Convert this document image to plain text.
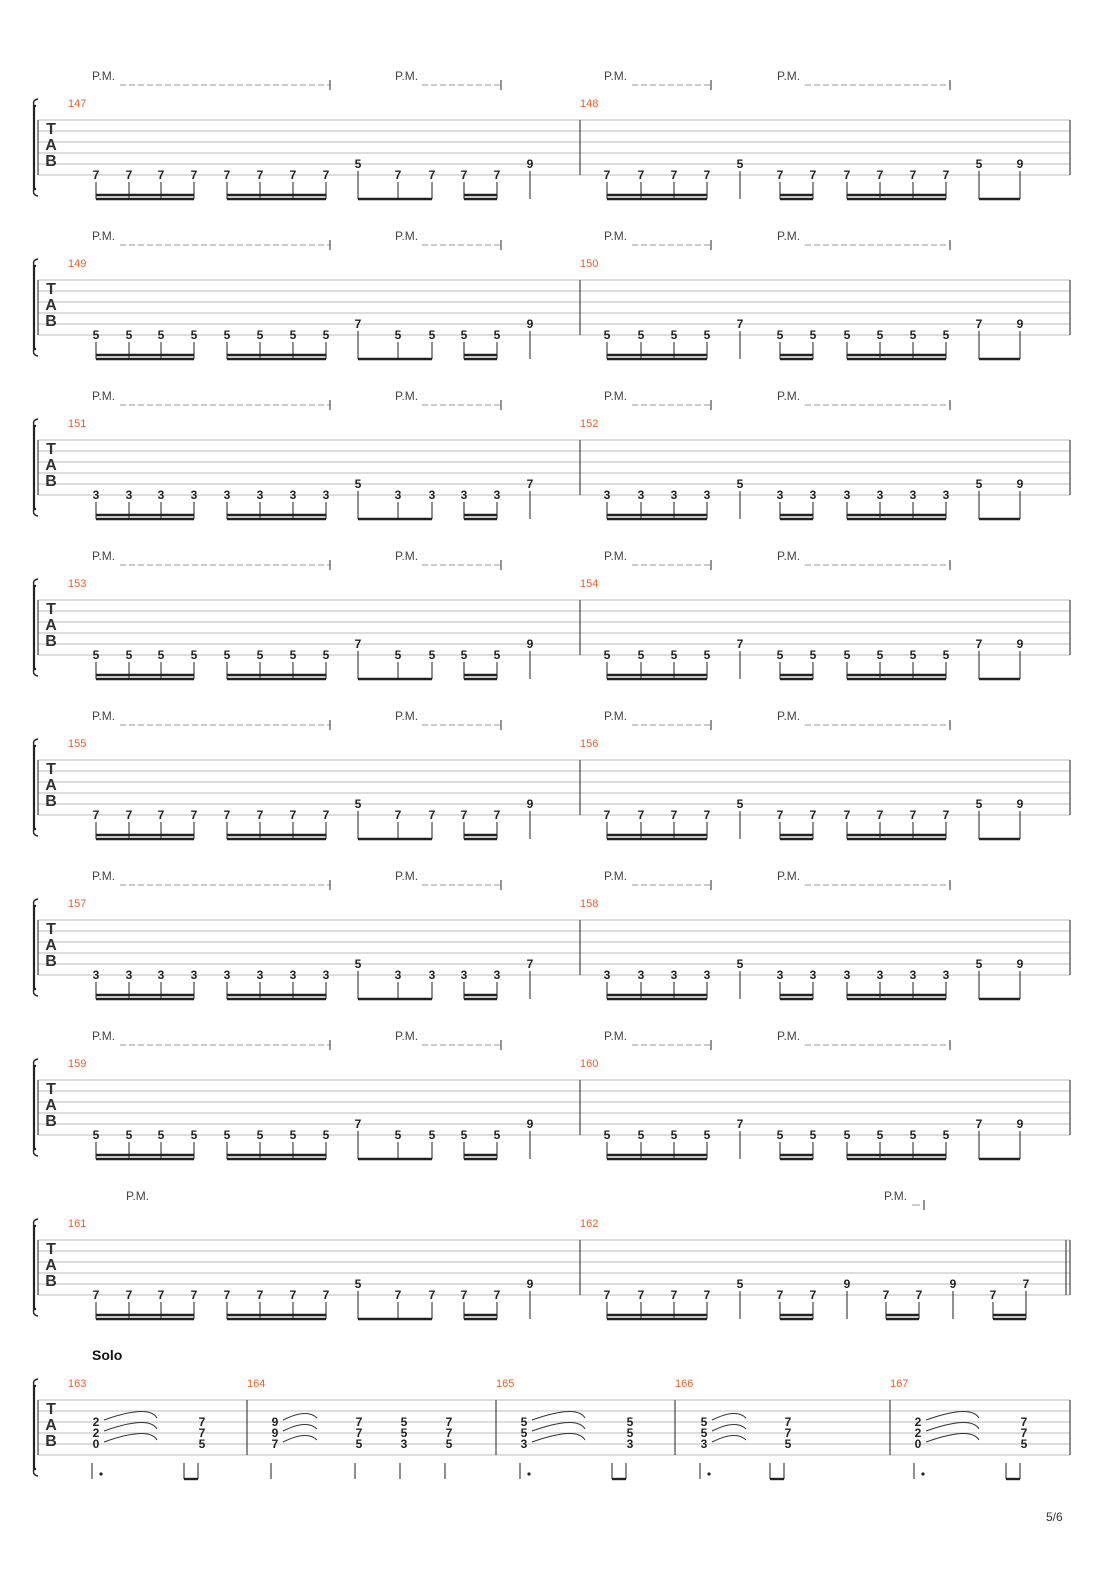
T
A
B
147	148
P.M.	P.M.	P.M.	P.M.
7 7 7 7 7 7 7 7
5
7 7 7 7
9
7 7 7 7
5
7 7 7 7 7 7
5	9
T
A
B
149	150
P.M.	P.M.	P.M.	P.M.
5 5 5 5 5 5 5 5
7
5 5 5 5
9
5 5 5 5
7
5 5 5 5 5 5
7	9
T
A
B
151	152
P.M.	P.M.	P.M.	P.M.
3 3 3 3 3 3 3 3
5
3 3 3 3
7
3 3 3 3
5
3 3 3 3 3 3
5	9
T
A
B
153	154
P.M.	P.M.	P.M.	P.M.
5 5 5 5 5 5 5 5
7
5 5 5 5
9
5 5 5 5
7
5 5 5 5 5 5
7	9
T
A
B
155	156
P.M.	P.M.	P.M.	P.M.
7 7 7 7 7 7 7 7
5
7 7 7 7
9
7 7 7 7
5
7 7 7 7 7 7
5	9
T
A
B
157	158
P.M.	P.M.	P.M.	P.M.
3 3 3 3 3 3 3 3
5
3 3 3 3
7
3 3 3 3
5
3 3 3 3 3 3
5	9
T
A
B
159	160
P.M.	P.M.	P.M.	P.M.
5 5 5 5 5 5 5 5
7
5 5 5 5
9
5 5 5 5
7
5 5 5 5 5 5
7	9
T
A
B
161	162
P.M.	P.M.
7 7 7 7 7 7 7 7
5
7 7 7 7
9
7 7 7 7
5
7 7
9
7 7
9
7
7
Solo
T
A
B
163
2
2
0
7
7
5
164
9
9
7
7
7
5
5
5
3
7
7
5
165
5
5
3
5
5
3
166
5
5
3
7
7
5
167
2
2
0
7
7
5
5/6
